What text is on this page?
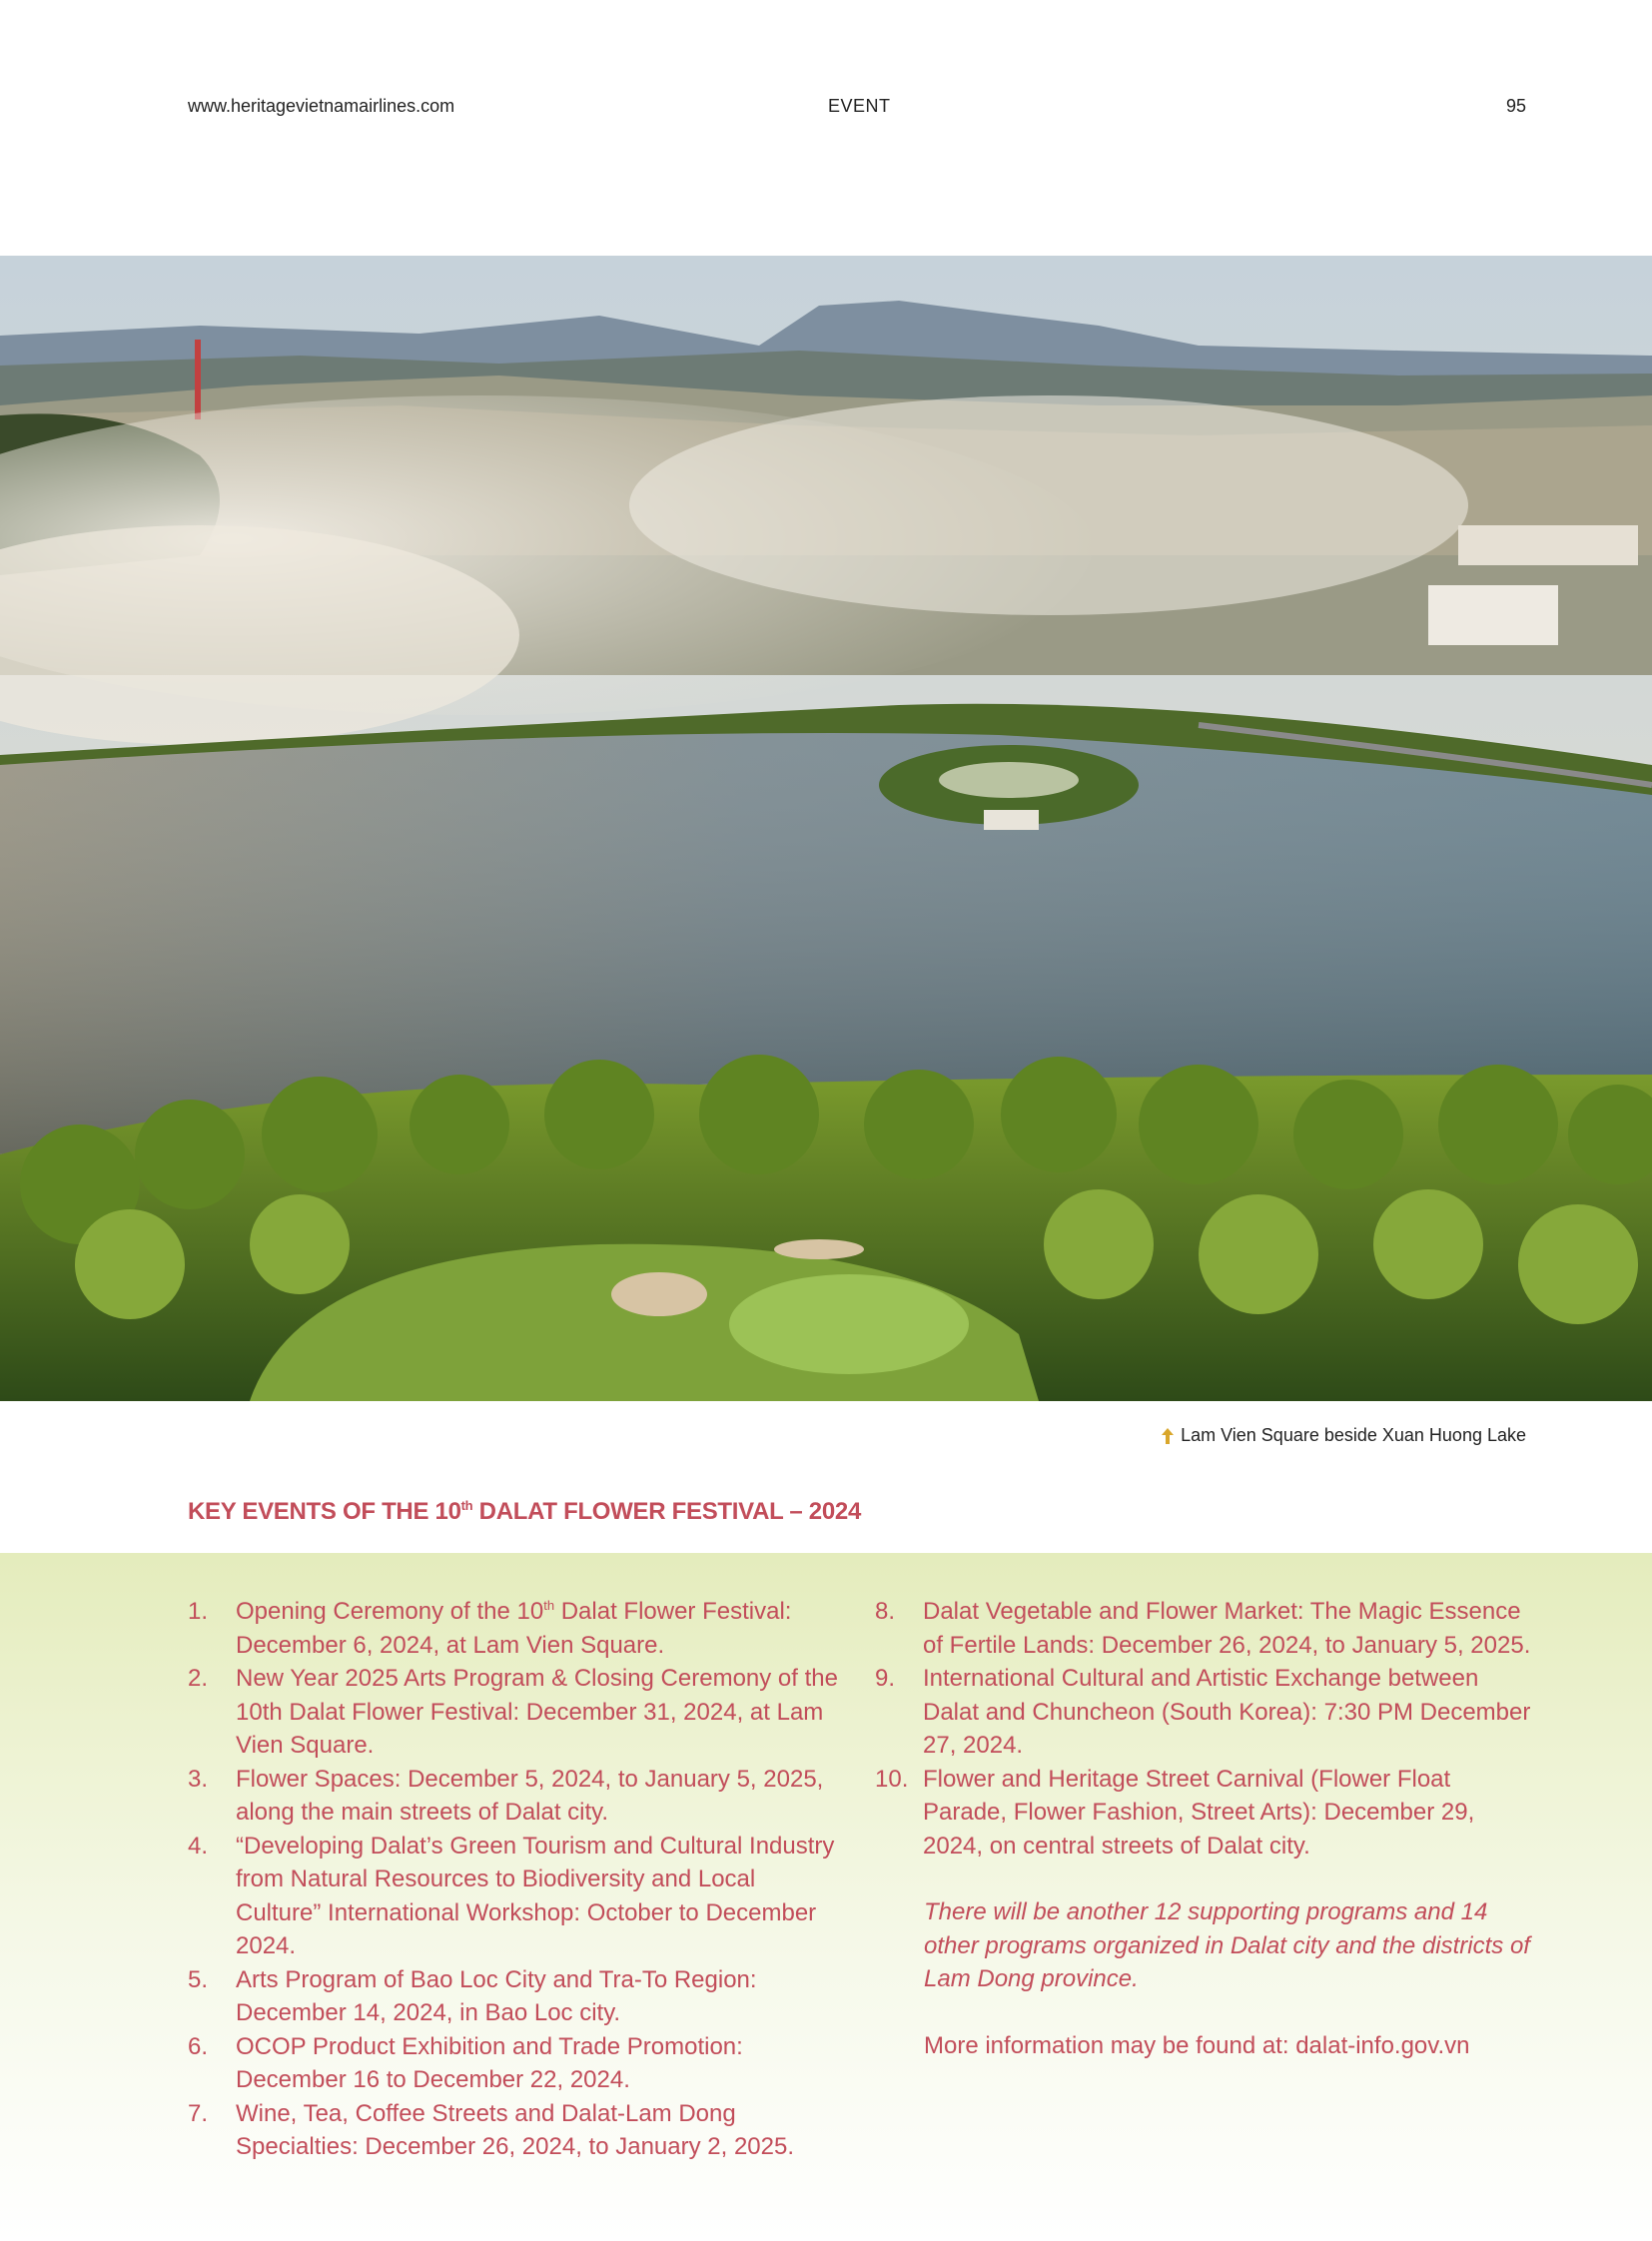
www.heritagevietnamairlines.com	EVENT	95
Lam Vien Square beside Xuan Huong Lake
KEY EVENTS OF THE 10th DALAT FLOWER FESTIVAL – 2024
1.	Opening Ceremony of the 10th Dalat Flower Festival: December 6, 2024, at Lam Vien Square.
2.	New Year 2025 Arts Program & Closing Ceremony of the 10th Dalat Flower Festival: December 31, 2024, at Lam Vien Square.
3.	Flower Spaces: December 5, 2024, to January 5, 2025, along the main streets of Dalat city.
4.	“Developing Dalat’s Green Tourism and Cultural Industry from Natural Resources to Biodiversity and Local Culture” International Workshop: October to December 2024.
5.	Arts Program of Bao Loc City and Tra-To Region: December 14, 2024, in Bao Loc city.
6.	OCOP Product Exhibition and Trade Promotion: December 16 to December 22, 2024.
7.	Wine, Tea, Coffee Streets and Dalat-Lam Dong Specialties: December 26, 2024, to January 2, 2025.
8.	Dalat Vegetable and Flower Market: The Magic Essence of Fertile Lands: December 26, 2024, to January 5, 2025.
9.	International Cultural and Artistic Exchange between Dalat and Chuncheon (South Korea): 7:30 PM December 27, 2024.
10. Flower and Heritage Street Carnival (Flower Float Parade, Flower Fashion, Street Arts): December 29, 2024, on central streets of Dalat city.
There will be another 12 supporting programs and 14 other programs organized in Dalat city and the districts of Lam Dong province.
More information may be found at: dalat-info.gov.vn
